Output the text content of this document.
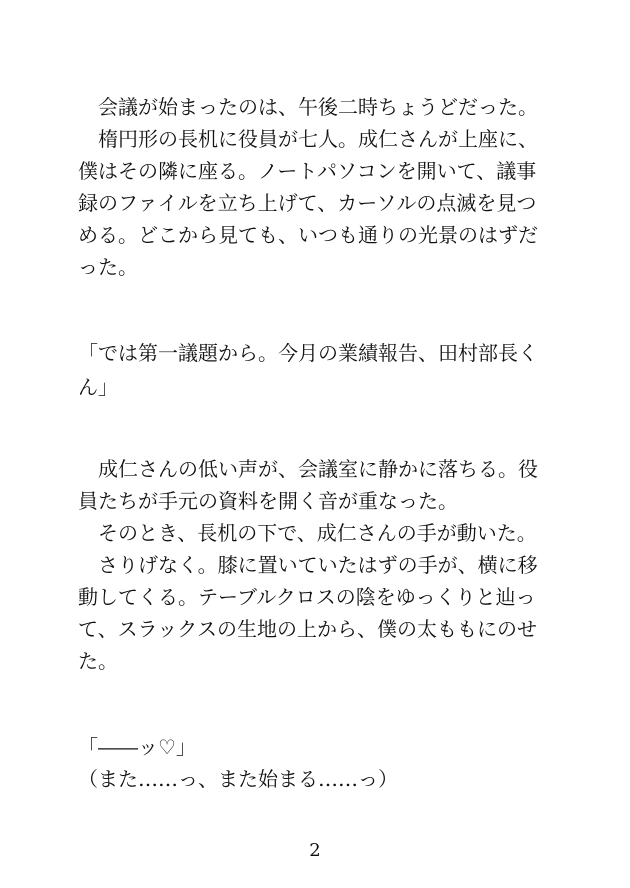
会議が始まったのは、午後二時ちょうどだった。
楕円形の長机に役員が七人。成仁さんが上座に、
僕はその隣に座る。ノートパソコンを開いて、議事
録のファイルを立ち上げて、カーソルの点滅を見つ
める。どこから見ても、いつも通りの光景のはずだ
った。
「では第一議題から。今月の業績報告、田村部長く
ん」
成仁さんの低い声が、会議室に静かに落ちる。役
員たちが手元の資料を開く音が重なった。
そのとき、長机の下で、成仁さんの手が動いた。
さりげなく。膝に置いていたはずの手が、横に移
動してくる。テーブルクロスの陰をゆっくりと辿っ
て、スラックスの生地の上から、僕の太ももにのせ
た。
「――ッ♡」
（また……っ、また始まる……っ）
2
